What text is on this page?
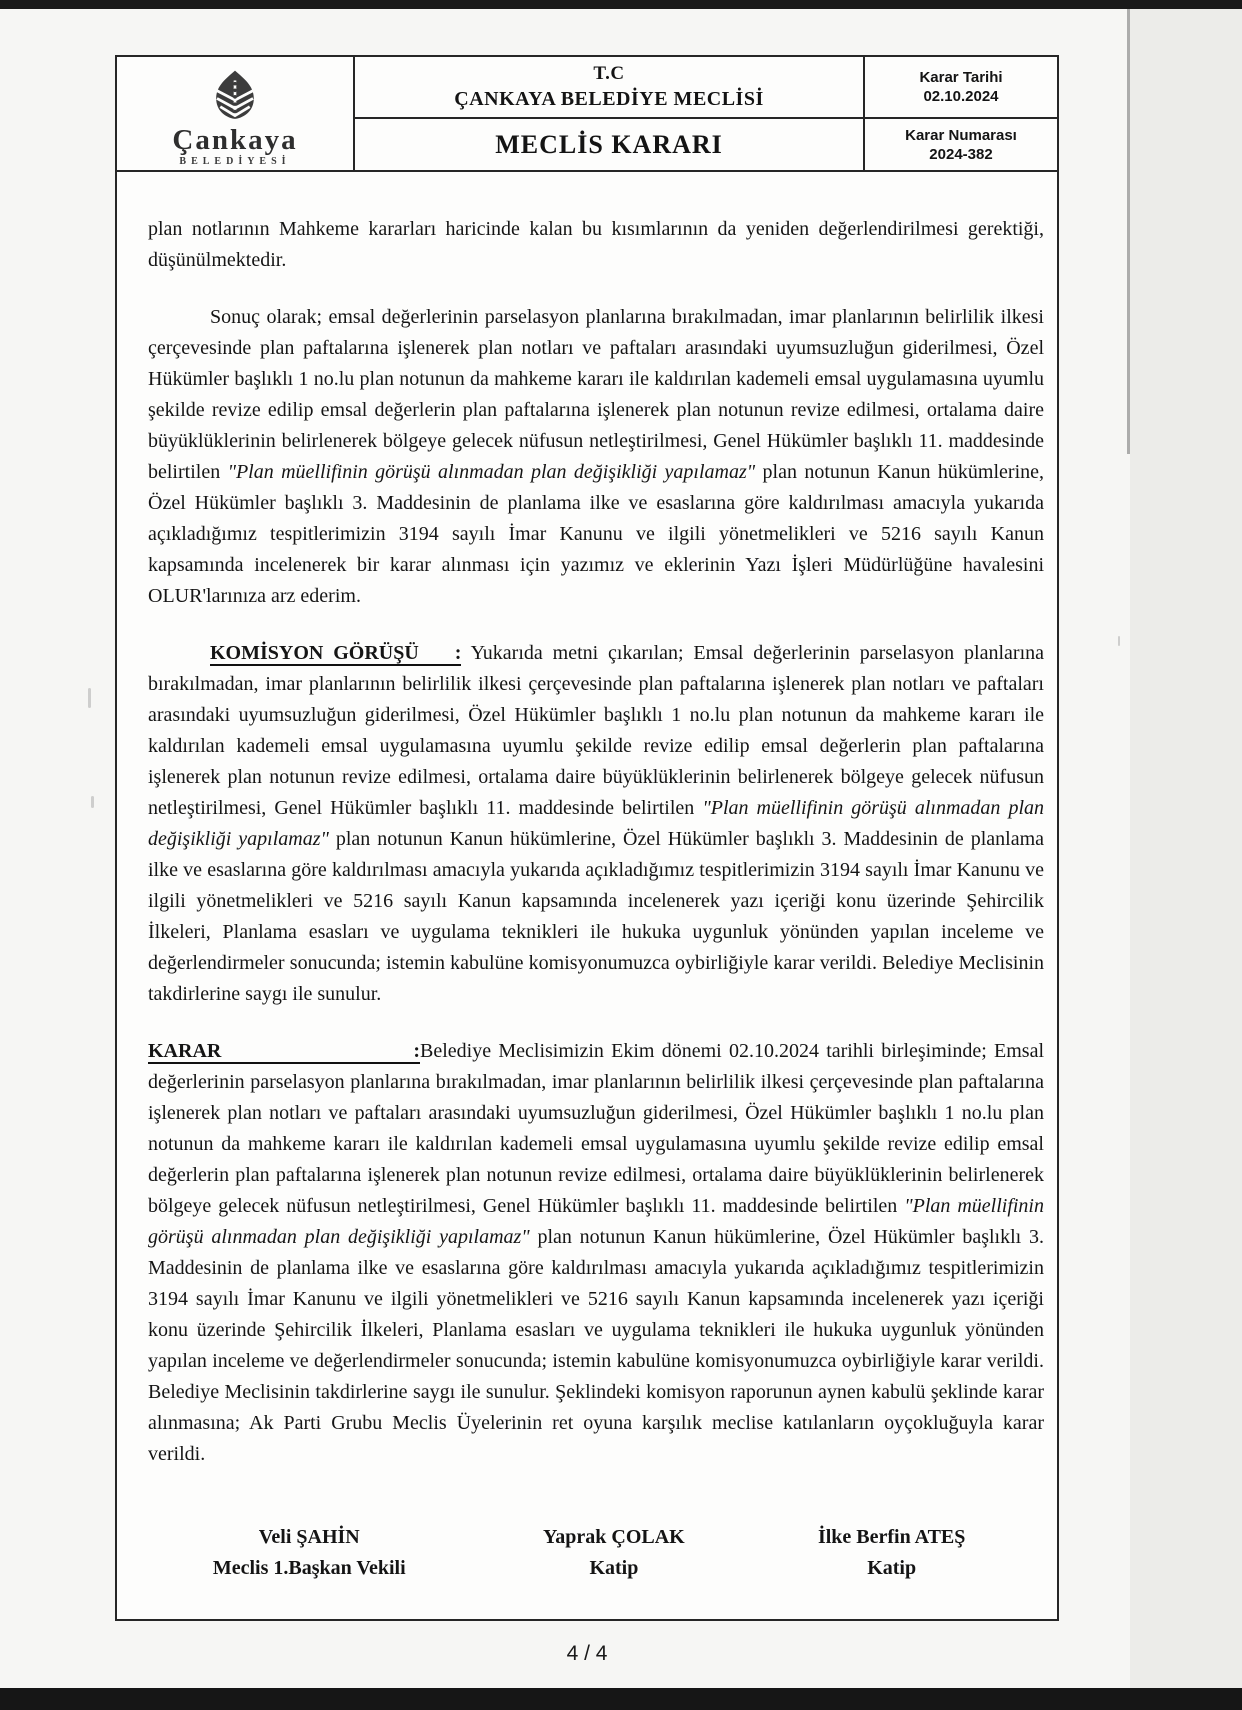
Çankaya
BELEDİYESİ
T.C
ÇANKAYA BELEDİYE MECLİSİ
Karar Tarihi
02.10.2024
MECLİS KARARI	Karar Numarası
2024-382

plan notlarının Mahkeme kararları haricinde kalan bu kısımlarının da yeniden değerlendirilmesi gerektiği, düşünülmektedir.

Sonuç olarak; emsal değerlerinin parselasyon planlarına bırakılmadan, imar planlarının belirlilik ilkesi çerçevesinde plan paftalarına işlenerek plan notları ve paftaları arasındaki uyumsuzluğun giderilmesi, Özel Hükümler başlıklı 1 no.lu plan notunun da mahkeme kararı ile kaldırılan kademeli emsal uygulamasına uyumlu şekilde revize edilip emsal değerlerin plan paftalarına işlenerek plan notunun revize edilmesi, ortalama daire büyüklüklerinin belirlenerek bölgeye gelecek nüfusun netleştirilmesi, Genel Hükümler başlıklı 11. maddesinde belirtilen "Plan müellifinin görüşü alınmadan plan değişikliği yapılamaz" plan notunun Kanun hükümlerine, Özel Hükümler başlıklı 3. Maddesinin de planlama ilke ve esaslarına göre kaldırılması amacıyla yukarıda açıkladığımız tespitlerimizin 3194 sayılı İmar Kanunu ve ilgili yönetmelikleri ve 5216 sayılı Kanun kapsamında incelenerek bir karar alınması için yazımız ve eklerinin Yazı İşleri Müdürlüğüne havalesini OLUR'larınıza arz ederim.

KOMİSYON GÖRÜŞÜ : Yukarıda metni çıkarılan; Emsal değerlerinin parselasyon planlarına bırakılmadan, imar planlarının belirlilik ilkesi çerçevesinde plan paftalarına işlenerek plan notları ve paftaları arasındaki uyumsuzluğun giderilmesi, Özel Hükümler başlıklı 1 no.lu plan notunun da mahkeme kararı ile kaldırılan kademeli emsal uygulamasına uyumlu şekilde revize edilip emsal değerlerin plan paftalarına işlenerek plan notunun revize edilmesi, ortalama daire büyüklüklerinin belirlenerek bölgeye gelecek nüfusun netleştirilmesi, Genel Hükümler başlıklı 11. maddesinde belirtilen "Plan müellifinin görüşü alınmadan plan değişikliği yapılamaz" plan notunun Kanun hükümlerine, Özel Hükümler başlıklı 3. Maddesinin de planlama ilke ve esaslarına göre kaldırılması amacıyla yukarıda açıkladığımız tespitlerimizin 3194 sayılı İmar Kanunu ve ilgili yönetmelikleri ve 5216 sayılı Kanun kapsamında incelenerek yazı içeriği konu üzerinde Şehircilik İlkeleri, Planlama esasları ve uygulama teknikleri ile hukuka uygunluk yönünden yapılan inceleme ve değerlendirmeler sonucunda; istemin kabulüne komisyonumuzca oybirliğiyle karar verildi. Belediye Meclisinin takdirlerine saygı ile sunulur.

KARAR	:Belediye Meclisimizin Ekim dönemi 02.10.2024 tarihli birleşiminde; Emsal değerlerinin parselasyon planlarına bırakılmadan, imar planlarının belirlilik ilkesi çerçevesinde plan paftalarına işlenerek plan notları ve paftaları arasındaki uyumsuzluğun giderilmesi, Özel Hükümler başlıklı 1 no.lu plan notunun da mahkeme kararı ile kaldırılan kademeli emsal uygulamasına uyumlu şekilde revize edilip emsal değerlerin plan paftalarına işlenerek plan notunun revize edilmesi, ortalama daire büyüklüklerinin belirlenerek bölgeye gelecek nüfusun netleştirilmesi, Genel Hükümler başlıklı 11. maddesinde belirtilen "Plan müellifinin görüşü alınmadan plan değişikliği yapılamaz" plan notunun Kanun hükümlerine, Özel Hükümler başlıklı 3. Maddesinin de planlama ilke ve esaslarına göre kaldırılması amacıyla yukarıda açıkladığımız tespitlerimizin 3194 sayılı İmar Kanunu ve ilgili yönetmelikleri ve 5216 sayılı Kanun kapsamında incelenerek yazı içeriği konu üzerinde Şehircilik İlkeleri, Planlama esasları ve uygulama teknikleri ile hukuka uygunluk yönünden yapılan inceleme ve değerlendirmeler sonucunda; istemin kabulüne komisyonumuzca oybirliğiyle karar verildi. Belediye Meclisinin takdirlerine saygı ile sunulur. Şeklindeki komisyon raporunun aynen kabulü şeklinde karar alınmasına; Ak Parti Grubu Meclis Üyelerinin ret oyuna karşılık meclise katılanların oyçokluğuyla karar verildi.

Veli ŞAHİN
Meclis 1.Başkan Vekili
Yaprak ÇOLAK
Katip
İlke Berfin ATEŞ
Katip
4 / 4
